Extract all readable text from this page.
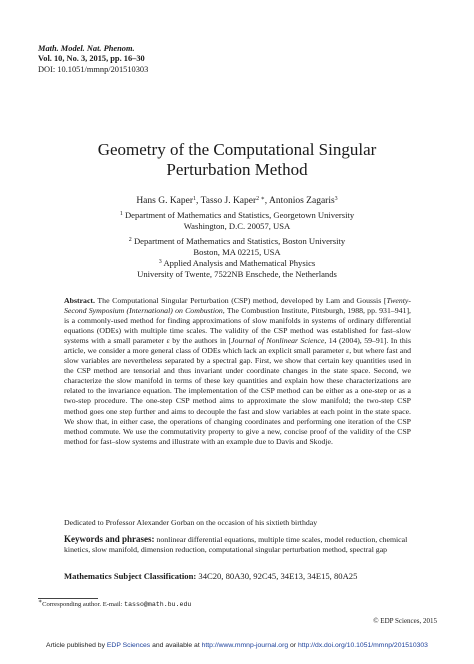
Math. Model. Nat. Phenom.
Vol. 10, No. 3, 2015, pp. 16–30
DOI: 10.1051/mmnp/201510303
Geometry of the Computational Singular
Perturbation Method
Hans G. Kaper$^1$, Tasso J. Kaper$^{2 ∗}$, Antonios Zagaris$^3$
$^1$ Department of Mathematics and Statistics, Georgetown University
Washington, D.C. 20057, USA
$^2$ Department of Mathematics and Statistics, Boston University
Boston, MA 02215, USA
$^3$ Applied Analysis and Mathematical Physics
University of Twente, 7522NB Enschede, the Netherlands
Abstract. The Computational Singular Perturbation (CSP) method, developed by Lam and Goussis [Twenty-Second Symposium (International) on Combustion, The Combustion Institute, Pittsburgh, 1988, pp. 931–941], is a commonly-used method for finding approximations of slow manifolds in systems of ordinary differential equations (ODEs) with multiple time scales. The validity of the CSP method was established for fast–slow systems with a small parameter ε by the authors in [Journal of Nonlinear Science, 14 (2004), 59–91]. In this article, we consider a more general class of ODEs which lack an explicit small parameter ε, but where fast and slow variables are nevertheless separated by a spectral gap. First, we show that certain key quantities used in the CSP method are tensorial and thus invariant under coordinate changes in the state space. Second, we characterize the slow manifold in terms of these key quantities and explain how these characterizations are related to the invariance equation. The implementation of the CSP method can be either as a one-step or as a two-step procedure. The one-step CSP method aims to approximate the slow manifold; the two-step CSP method goes one step further and aims to decouple the fast and slow variables at each point in the state space. We show that, in either case, the operations of changing coordinates and performing one iteration of the CSP method commute. We use the commutativity property to give a new, concise proof of the validity of the CSP method for fast–slow systems and illustrate with an example due to Davis and Skodje.
Dedicated to Professor Alexander Gorban on the occasion of his sixtieth birthday
Keywords and phrases: nonlinear differential equations, multiple time scales, model reduction, chemical kinetics, slow manifold, dimension reduction, computational singular perturbation method, spectral gap
Mathematics Subject Classification: 34C20, 80A30, 92C45, 34E13, 34E15, 80A25
∗Corresponding author. E-mail: tasso@math.bu.edu
© EDP Sciences, 2015
Article published by EDP Sciences and available at http://www.mmnp-journal.org or http://dx.doi.org/10.1051/mmnp/201510303
